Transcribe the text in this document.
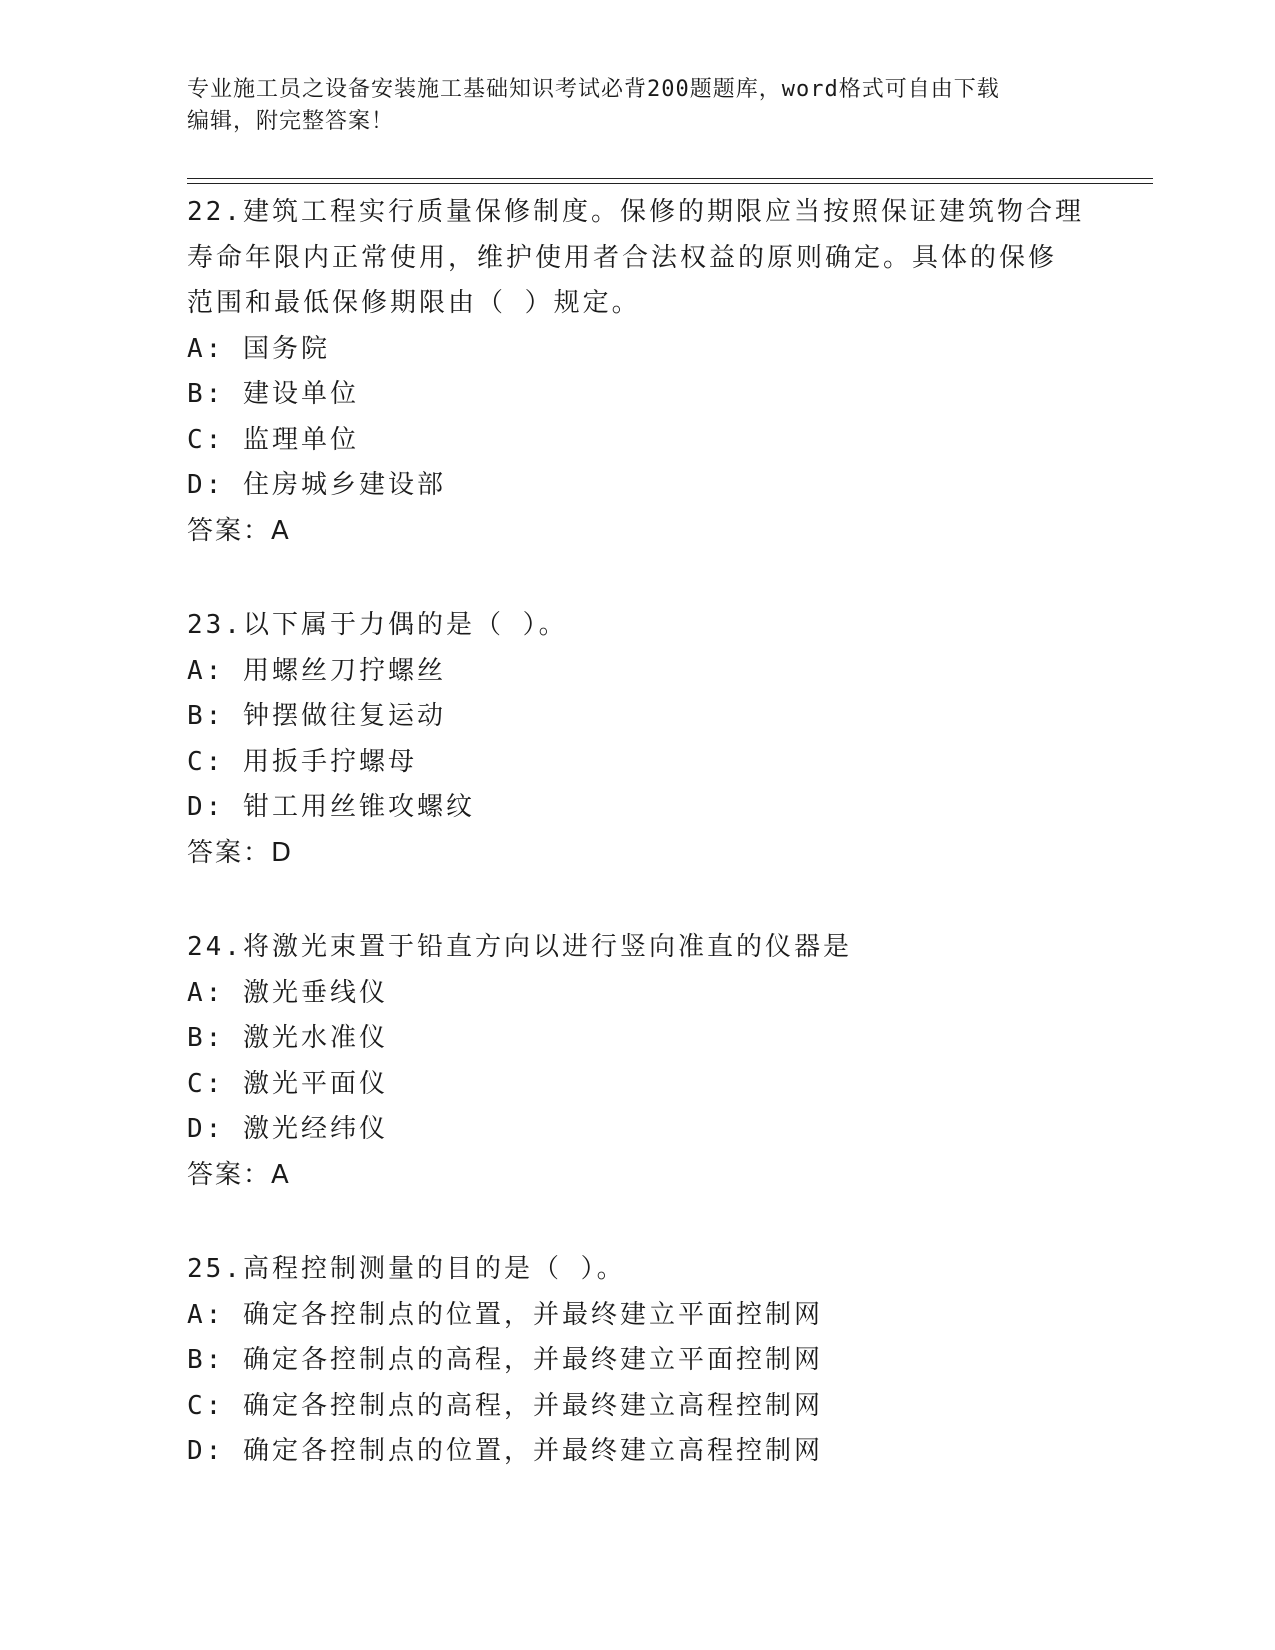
专业施工员之设备安装施工基础知识考试必背200题题库，word格式可自由下载
编辑，附完整答案！
22.建筑工程实行质量保修制度。保修的期限应当按照保证建筑物合理
寿命年限内正常使用，维护使用者合法权益的原则确定。具体的保修
范围和最低保修期限由（ ）规定。
A: 国务院
B: 建设单位
C: 监理单位
D: 住房城乡建设部
答案：A
23.以下属于力偶的是（ ）。
A: 用螺丝刀拧螺丝
B: 钟摆做往复运动
C: 用扳手拧螺母
D: 钳工用丝锥攻螺纹
答案：D
24.将激光束置于铅直方向以进行竖向准直的仪器是
A: 激光垂线仪
B: 激光水准仪
C: 激光平面仪
D: 激光经纬仪
答案：A
25.高程控制测量的目的是（ ）。
A: 确定各控制点的位置，并最终建立平面控制网
B: 确定各控制点的高程，并最终建立平面控制网
C: 确定各控制点的高程，并最终建立高程控制网
D: 确定各控制点的位置，并最终建立高程控制网
